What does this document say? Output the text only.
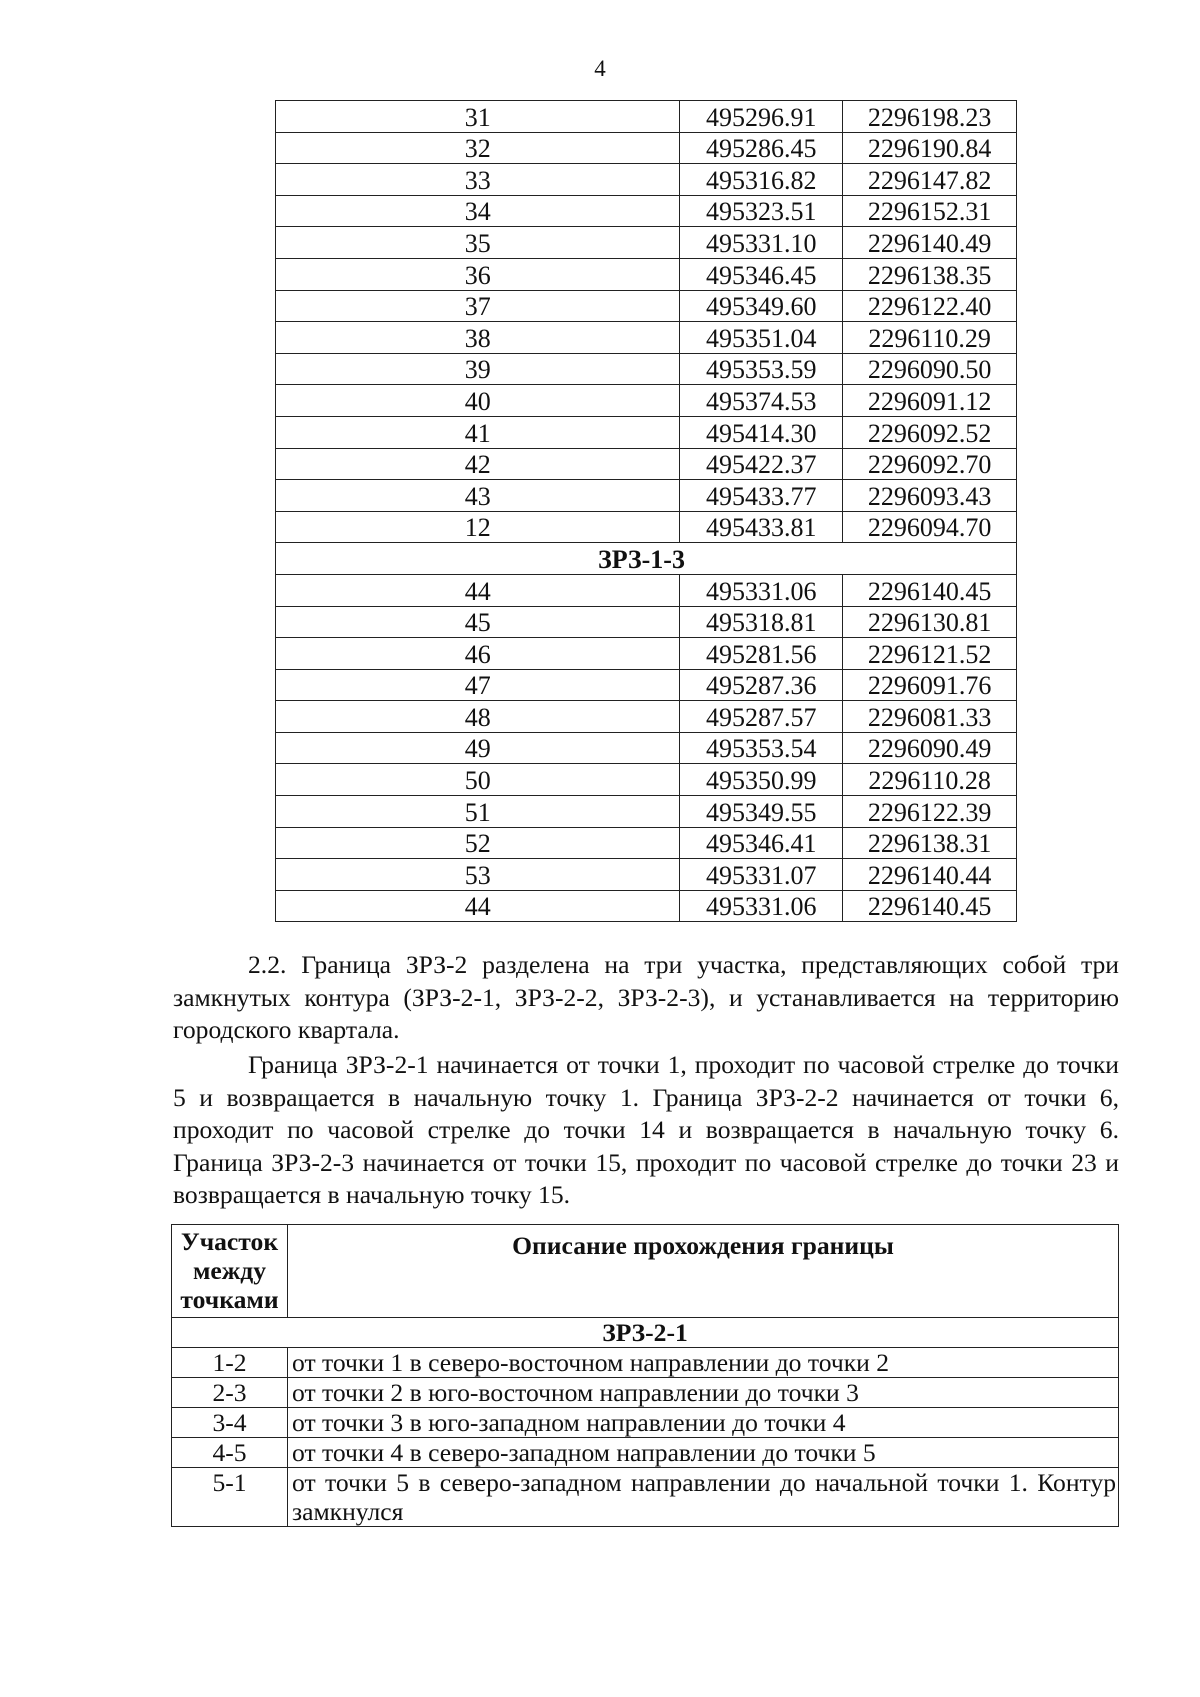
4
31	495296.91	2296198.23
32	495286.45	2296190.84
33	495316.82	2296147.82
34	495323.51	2296152.31
35	495331.10	2296140.49
36	495346.45	2296138.35
37	495349.60	2296122.40
38	495351.04	2296110.29
39	495353.59	2296090.50
40	495374.53	2296091.12
41	495414.30	2296092.52
42	495422.37	2296092.70
43	495433.77	2296093.43
12	495433.81	2296094.70
ЗРЗ-1-3		
44	495331.06	2296140.45
45	495318.81	2296130.81
46	495281.56	2296121.52
47	495287.36	2296091.76
48	495287.57	2296081.33
49	495353.54	2296090.49
50	495350.99	2296110.28
51	495349.55	2296122.39
52	495346.41	2296138.31
53	495331.07	2296140.44
44	495331.06	2296140.45

2.2. Граница ЗРЗ-2 разделена на три участка, представляющих собой три замкнутых контура (ЗРЗ-2-1, ЗРЗ-2-2, ЗРЗ-2-3), и устанавливается на территорию городского квартала.

Граница ЗРЗ-2-1 начинается от точки 1, проходит по часовой стрелке до точки 5 и возвращается в начальную точку 1. Граница ЗРЗ-2-2 начинается от точки 6, проходит по часовой стрелке до точки 14 и возвращается в начальную точку 6. Граница ЗРЗ-2-3 начинается от точки 15, проходит по часовой стрелке до точки 23 и возвращается в начальную точку 15.

Участок между точками	Описание прохождения границы
ЗРЗ-2-1	
1-2	от точки 1 в северо-восточном направлении до точки 2
2-3	от точки 2 в юго-восточном направлении до точки 3
3-4	от точки 3 в юго-западном направлении до точки 4
4-5	от точки 4 в северо-западном направлении до точки 5
5-1	от точки 5 в северо-западном направлении до начальной точки 1. Контур замкнулся
